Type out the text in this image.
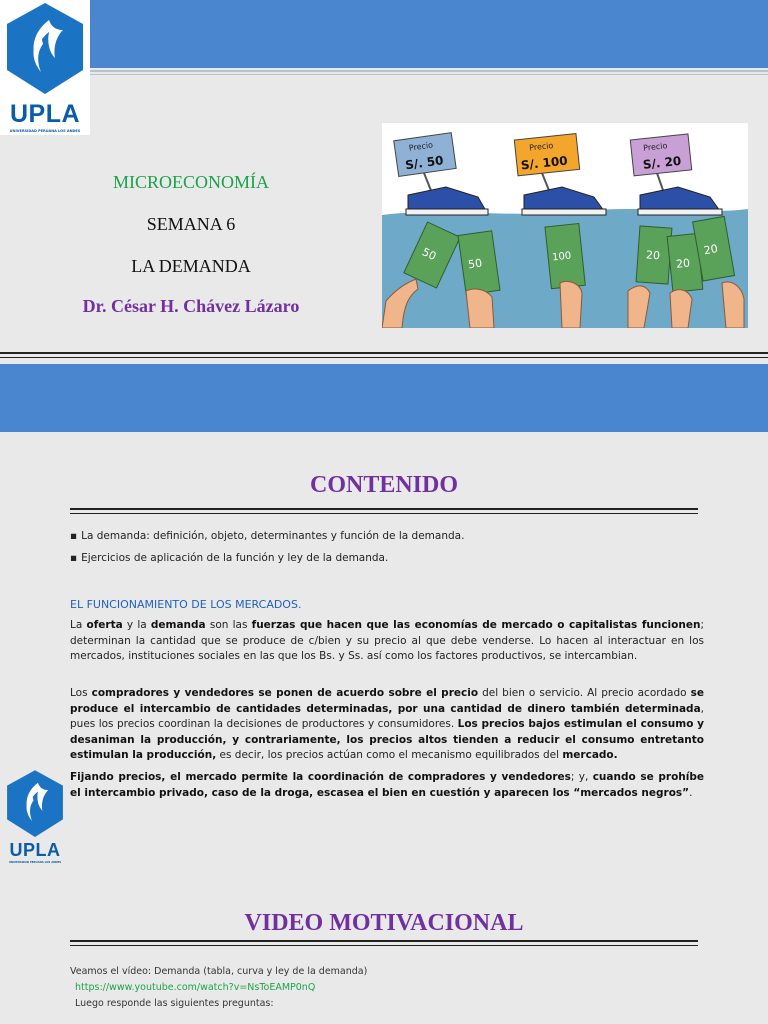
UPLA
UNIVERSIDAD PERUANA LOS ANDES
MICROECONOMÍA
SEMANA 6
LA DEMANDA
Dr. César H. Chávez Lázaro
Precio
S/. 50
Precio
S/. 100
Precio
S/. 20
50
50	100	20
20
20
CONTENIDO
▪ La demanda: definición, objeto, determinantes y función de la demanda.
▪ Ejercicios de aplicación de la función y ley de la demanda.
EL FUNCIONAMIENTO DE LOS MERCADOS.
La oferta y la demanda son las fuerzas que hacen que las economías de mercado o capitalistas funcionen; determinan la cantidad que se produce de c/bien y su precio al que debe venderse. Lo hacen al interactuar en los mercados, instituciones sociales en las que los Bs. y Ss. así como los factores productivos, se intercambian.
Los compradores y vendedores se ponen de acuerdo sobre el precio del bien o servicio. Al precio acordado se produce el intercambio de cantidades determinadas, por una cantidad de dinero también determinada, pues los precios coordinan la decisiones de productores y consumidores. Los precios bajos estimulan el consumo y desaniman la producción, y contrariamente, los precios altos tienden a reducir el consumo entretanto estimulan la producción, es decir, los precios actúan como el mecanismo equilibrados del mercado.
UPLA
UNIVERSIDAD PERUANA LOS ANDES
Fijando precios, el mercado permite la coordinación de compradores y vendedores; y, cuando se prohíbe el intercambio privado, caso de la droga, escasea el bien en cuestión y aparecen los “mercados negros”.
VIDEO MOTIVACIONAL
Veamos el vídeo: Demanda (tabla, curva y ley de la demanda)
https://www.youtube.com/watch?v=NsToEAMP0nQ
Luego responde las siguientes preguntas:
